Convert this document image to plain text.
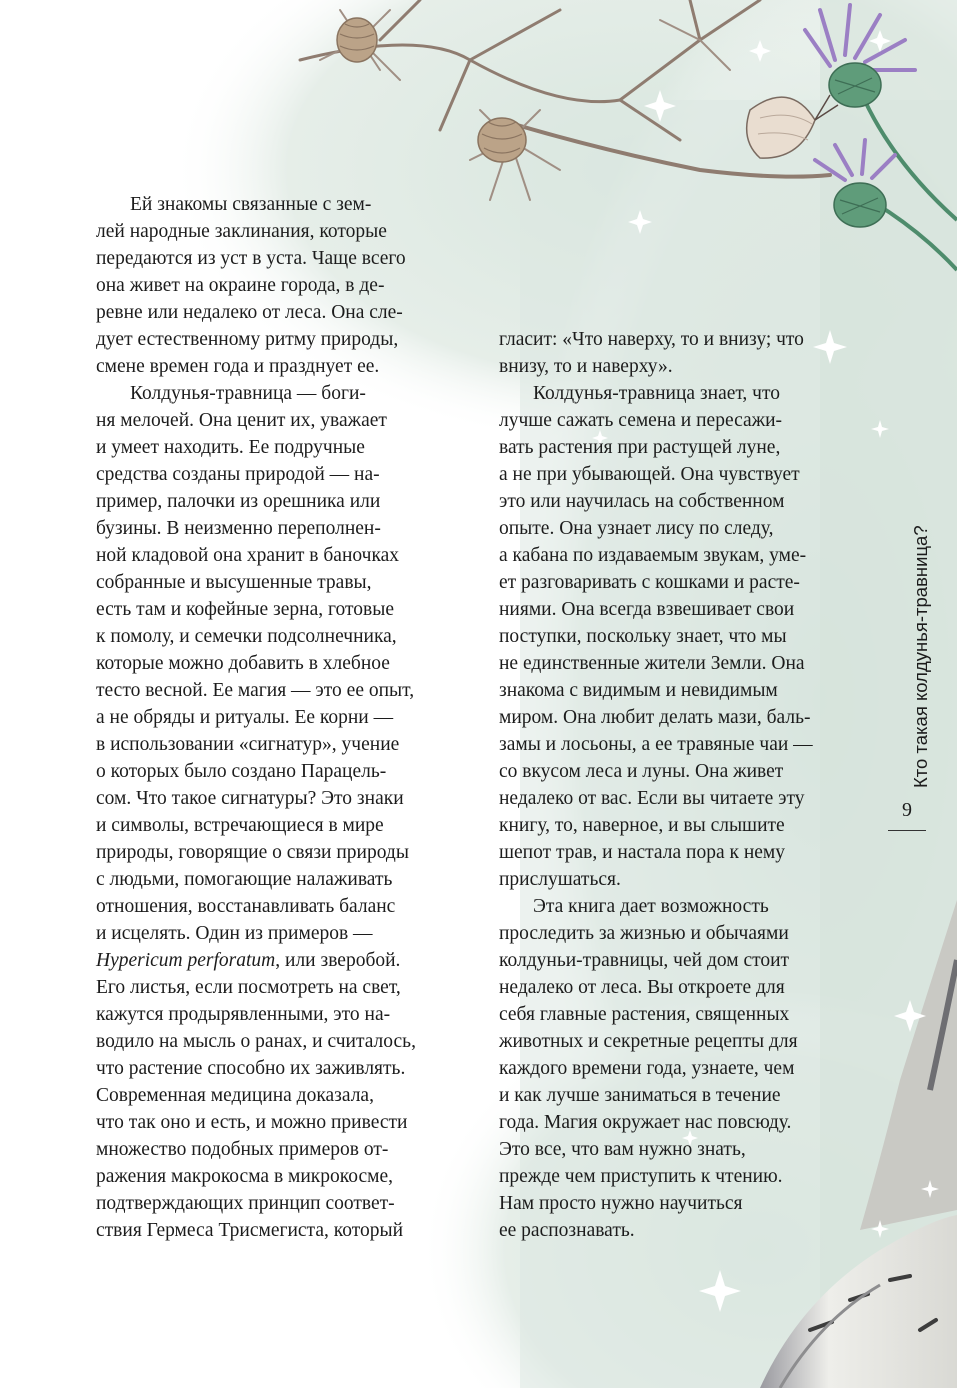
Ей знакомы связанные с зем-
лей народные заклинания, которые
передаются из уст в уста. Чаще всего
она живет на окраине города, в де-
ревне или недалеко от леса. Она сле-
дует естественному ритму природы,
смене времен года и празднует ее.
Колдунья-травница — боги-
ня мелочей. Она ценит их, уважает
и умеет находить. Ее подручные
средства созданы природой — на-
пример, палочки из орешника или
бузины. В неизменно переполнен-
ной кладовой она хранит в баночках
собранные и высушенные травы,
есть там и кофейные зерна, готовые
к помолу, и семечки подсолнечника,
которые можно добавить в хлебное
тесто весной. Ее магия — это ее опыт,
а не обряды и ритуалы. Ее корни —
в использовании «сигнатур», учение
о которых было создано Парацель-
сом. Что такое сигнатуры? Это знаки
и символы, встречающиеся в мире
природы, говорящие о связи природы
с людьми, помогающие налаживать
отношения, восстанавливать баланс
и исцелять. Один из примеров —
Hypericum perforatum, или зверобой.
Его листья, если посмотреть на свет,
кажутся продырявленными, это на-
водило на мысль о ранах, и считалось,
что растение способно их заживлять.
Современная медицина доказала,
что так оно и есть, и можно привести
множество подобных примеров от-
ражения макрокосма в микрокосме,
подтверждающих принцип соответ-
ствия Гермеса Трисмегиста, который
гласит: «Что наверху, то и внизу; что
внизу, то и наверху».
Колдунья-травница знает, что
лучше сажать семена и пересажи-
вать растения при растущей луне,
а не при убывающей. Она чувствует
это или научилась на собственном
опыте. Она узнает лису по следу,
а кабана по издаваемым звукам, уме-
ет разговаривать с кошками и расте-
ниями. Она всегда взвешивает свои
поступки, поскольку знает, что мы
не единственные жители Земли. Она
знакома с видимым и невидимым
миром. Она любит делать мази, баль-
замы и лосьоны, а ее травяные чаи —
со вкусом леса и луны. Она живет
недалеко от вас. Если вы читаете эту
книгу, то, наверное, и вы слышите
шепот трав, и настала пора к нему
прислушаться.
Эта книга дает возможность
проследить за жизнью и обычаями
колдуньи-травницы, чей дом стоит
недалеко от леса. Вы откроете для
себя главные растения, священных
животных и секретные рецепты для
каждого времени года, узнаете, чем
и как лучше заниматься в течение
года. Магия окружает нас повсюду.
Это все, что вам нужно знать,
прежде чем приступить к чтению.
Нам просто нужно научиться
ее распознавать.
Кто такая колдунья-травница?
9
